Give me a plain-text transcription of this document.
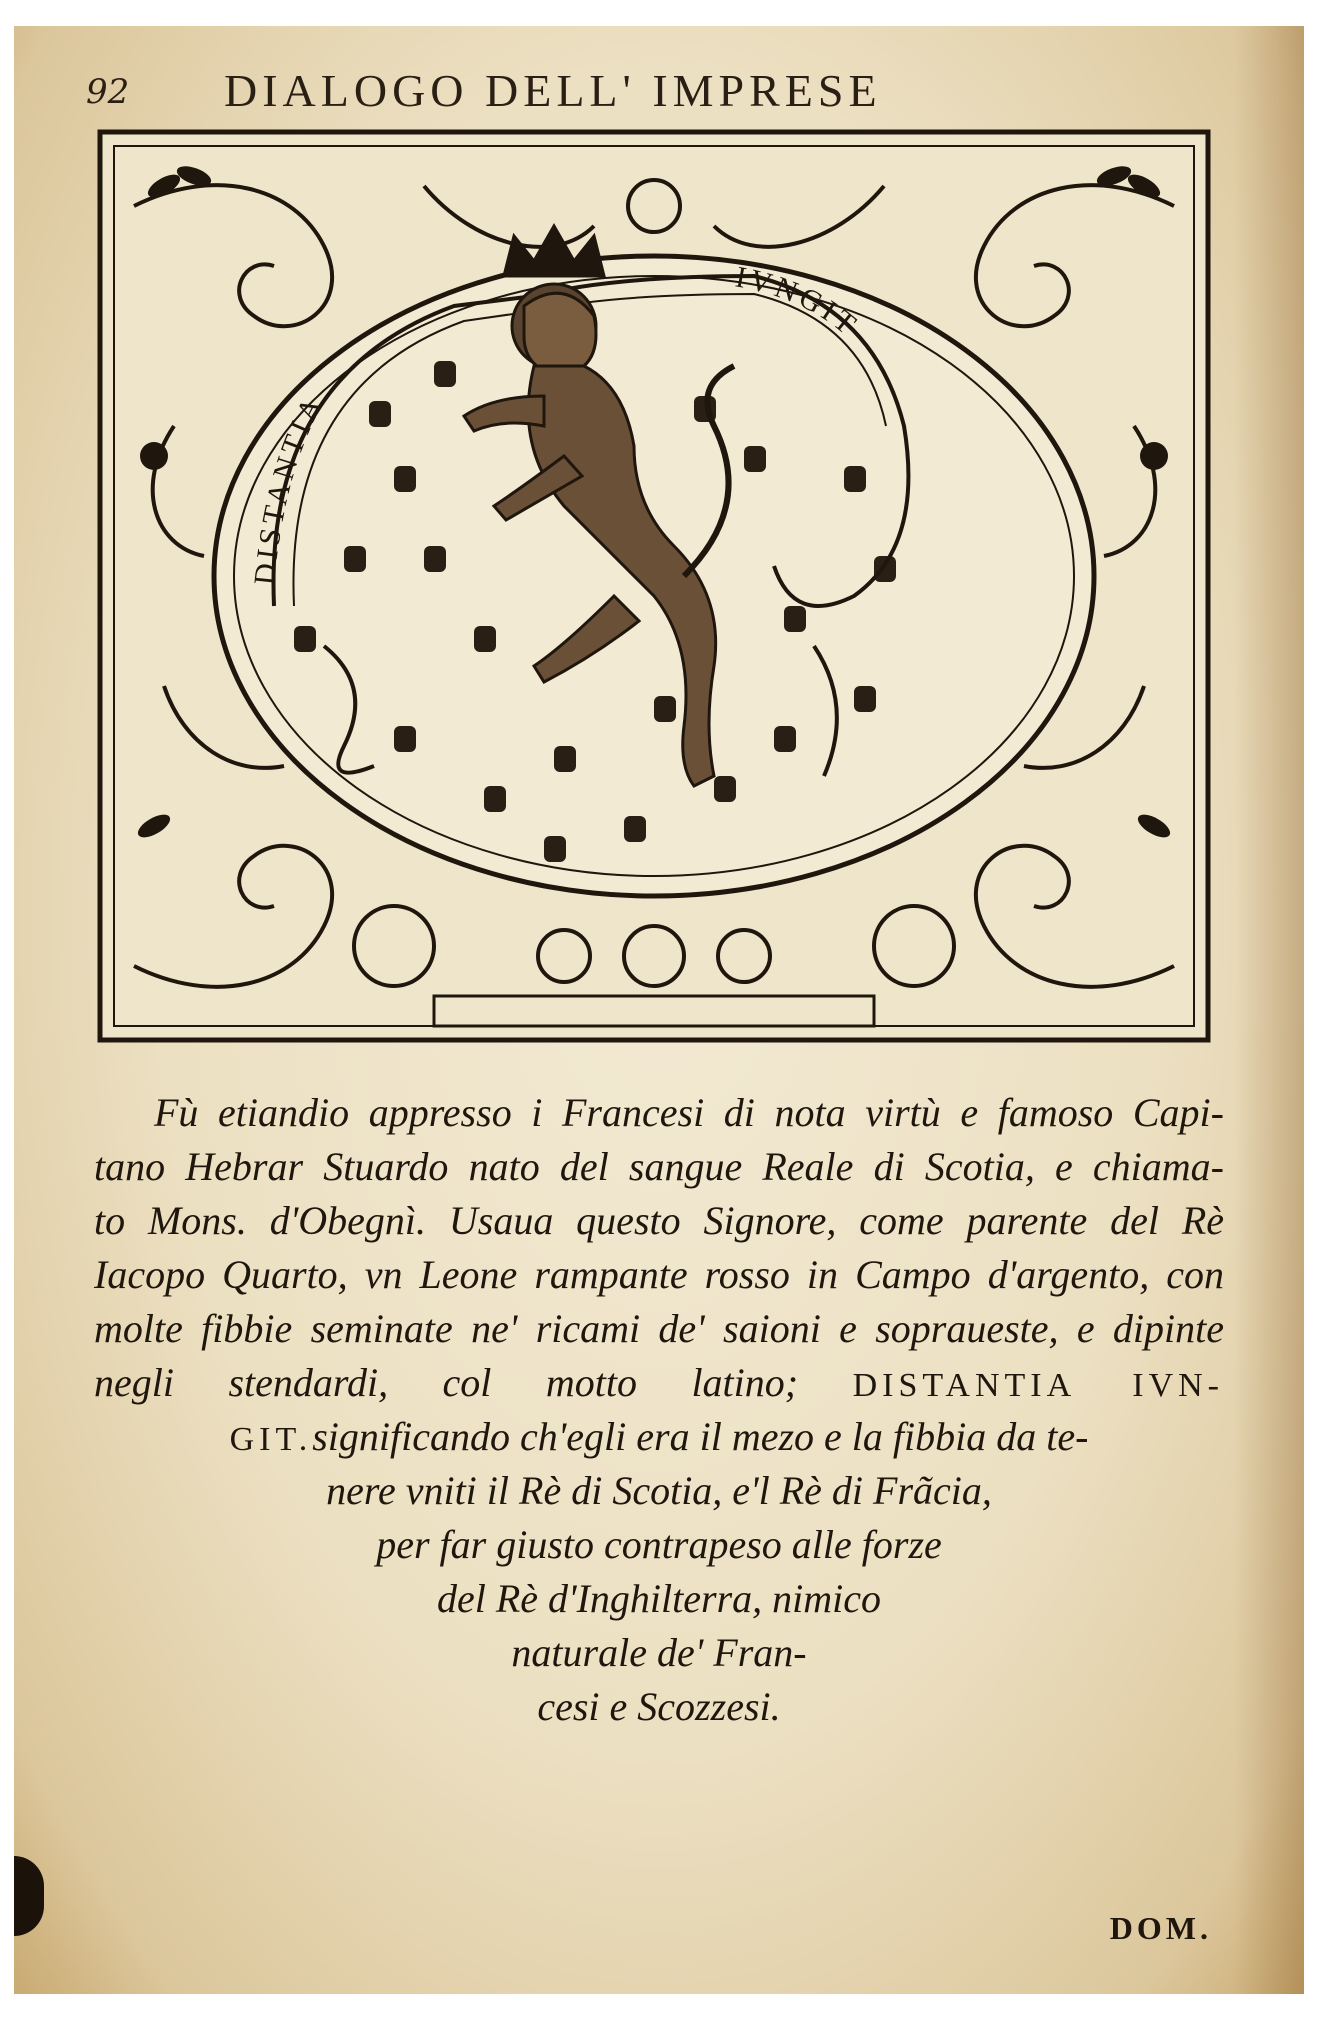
92 DIALOGO DELL' IMPRESE
DISTANTIA
IVNGIT
Fù etiandio appresso i Francesi di nota virtù e famoso Capi-
tano Hebrar Stuardo nato del sangue Reale di Scotia, e chiama-
to Mons. d'Obegnì. Usaua questo Signore, come parente del Rè
Iacopo Quarto, vn Leone rampante rosso in Campo d'argento, con
molte fibbie seminate ne' ricami de' saioni e sopraueste, e dipinte
negli stendardi, col motto latino; DISTANTIA IVN-
GIT.significando ch'egli era il mezo e la fibbia da te-
nere vniti il Rè di Scotia, e'l Rè di Frãcia,
per far giusto contrapeso alle forze
del Rè d'Inghilterra, nimico
naturale de' Fran-
cesi e Scozzesi.
DOM.
